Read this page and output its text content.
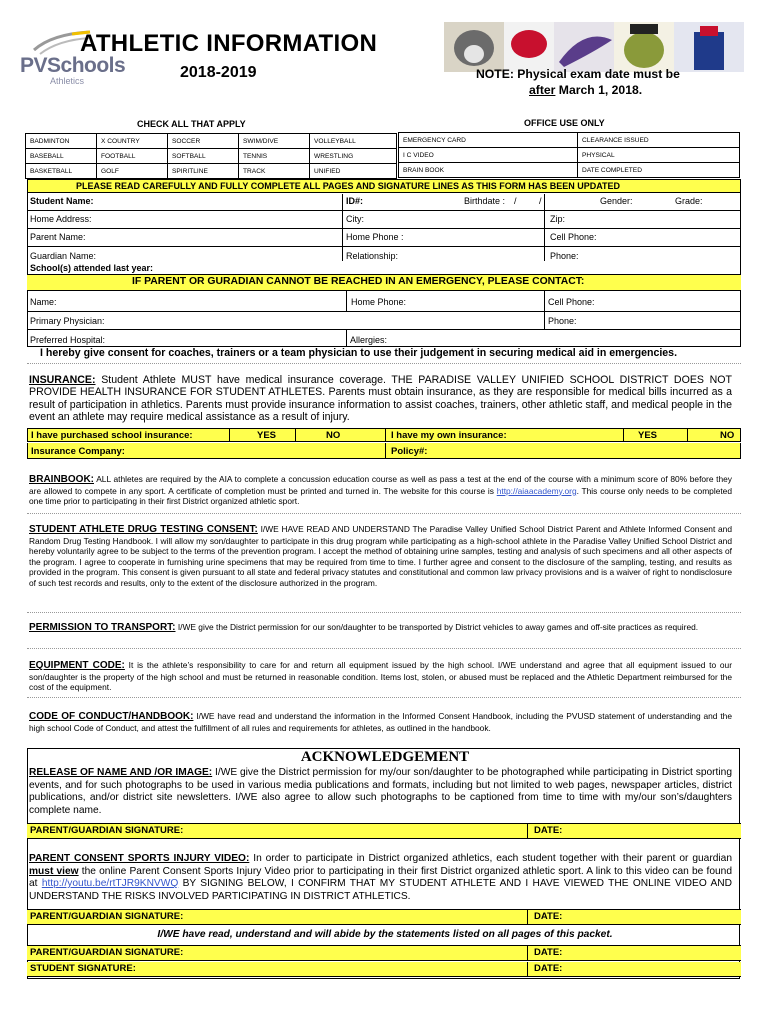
PVSchools
Athletics
ATHLETIC INFORMATION
2018-2019	NOTE: Physical exam date must be
after March 1, 2018.
CHECK ALL THAT APPLY
BADMINTON	X COUNTRY	SOCCER	SWIM/DIVE	VOLLEYBALL
BASEBALL	FOOTBALL	SOFTBALL	TENNIS	WRESTLING
BASKETBALL	GOLF	SPIRITLINE	TRACK	UNIFIED
OFFICE USE ONLY
EMERGENCY CARD	CLEARANCE ISSUED
I C VIDEO	PHYSICAL
BRAIN BOOK	DATE COMPLETED
PLEASE READ CAREFULLY AND FULLY COMPLETE ALL PAGES AND SIGNATURE LINES AS THIS FORM HAS BEEN UPDATED
Student Name:	ID#:	Birthdate : / /	Gender:	Grade:
Home Address:	City:	Zip:
Parent Name:	Home Phone :	Cell Phone:
Guardian Name:	Relationship:	Phone:
School(s) attended last year:
IF PARENT OR GURADIAN CANNOT BE REACHED IN AN EMERGENCY, PLEASE CONTACT:
Name:	Home Phone:	Cell Phone:
Primary Physician:	Phone:
Preferred Hospital:	Allergies:
I hereby give consent for coaches, trainers or a team physician to use their judgement in securing medical aid in emergencies.
INSURANCE: Student Athlete MUST have medical insurance coverage. THE PARADISE VALLEY UNIFIED SCHOOL DISTRICT DOES NOT PROVIDE HEALTH INSURANCE FOR STUDENT ATHLETES. Parents must obtain insurance, as they are responsible for medical bills incurred as a result of participation in athletics. Parents must provide insurance information to assist coaches, trainers, other athletic staff, and medical people in the event an athlete may require medical assistance as a result of injury.
I have purchased school insurance:	YES	NO	I have my own insurance:	YES	NO
Insurance Company:	Policy#:
BRAINBOOK: ALL athletes are required by the AIA to complete a concussion education course as well as pass a test at the end of the course with a minimum score of 80% before they are allowed to compete in any sport. A certificate of completion must be printed and turned in. The website for this course is http://aiaacademy.org. This course only needs to be completed one time prior to participating in their first District organized athletic sport.
STUDENT ATHLETE DRUG TESTING CONSENT: I/WE HAVE READ AND UNDERSTAND The Paradise Valley Unified School District Parent and Athlete Informed Consent and Random Drug Testing Handbook. I will allow my son/daughter to participate in this drug program while participating as a high-school athlete in the Paradise Valley Unified School District and hereby voluntarily agree to be subject to the terms of the prevention program. I accept the method of obtaining urine samples, testing and analysis of such specimens and all other aspects of the program. I agree to cooperate in furnishing urine specimens that may be required from time to time. I further agree and consent to the disclosure of the sampling, testing, and results as provided in the program. This consent is given pursuant to all state and federal privacy statutes and constitutional and common law privacy provisions and is a waiver of right to nondisclosure of such test records and results, only to the extent of the disclosure authorized in the program.
PERMISSION TO TRANSPORT: I/WE give the District permission for our son/daughter to be transported by District vehicles to away games and off-site practices as required.
EQUIPMENT CODE: It is the athlete’s responsibility to care for and return all equipment issued by the high school. I/WE understand and agree that all equipment issued to our son/daughter is the property of the high school and must be returned in reasonable condition. Items lost, stolen, or abused must be replaced and the Athletic Department reimbursed for the cost of the equipment.
CODE OF CONDUCT/HANDBOOK: I/WE have read and understand the information in the Informed Consent Handbook, including the PVUSD statement of understanding and the high school Code of Conduct, and attest the fulfillment of all rules and requirements for athletes, as outlined in the handbook.
ACKNOWLEDGEMENT
RELEASE OF NAME AND /OR IMAGE: I/WE give the District permission for my/our son/daughter to be photographed while participating in District sporting events, and for such photographs to be used in various media publications and formats, including but not limited to web pages, newspaper articles, district publications, and/or district site newsletters. I/WE also agree to allow such photographs to be captioned from time to time with my/our son’s/daughters complete name.
PARENT/GUARDIAN SIGNATURE:	DATE:
PARENT CONSENT SPORTS INJURY VIDEO: In order to participate in District organized athletics, each student together with their parent or guardian must view the online Parent Consent Sports Injury Video prior to participating in their first District organized athletic sport. A link to this video can be found at http://youtu.be/rtTJR9KNVWQ BY SIGNING BELOW, I CONFIRM THAT MY STUDENT ATHLETE AND I HAVE VIEWED THE ONLINE VIDEO AND UNDERSTAND THE RISKS INVOLVED PARTICIPATING IN DISTRICT ATHLETICS.
PARENT/GUARDIAN SIGNATURE:	DATE:
I/WE have read, understand and will abide by the statements listed on all pages of this packet.
PARENT/GUARDIAN SIGNATURE:	DATE:
STUDENT SIGNATURE:	DATE:
